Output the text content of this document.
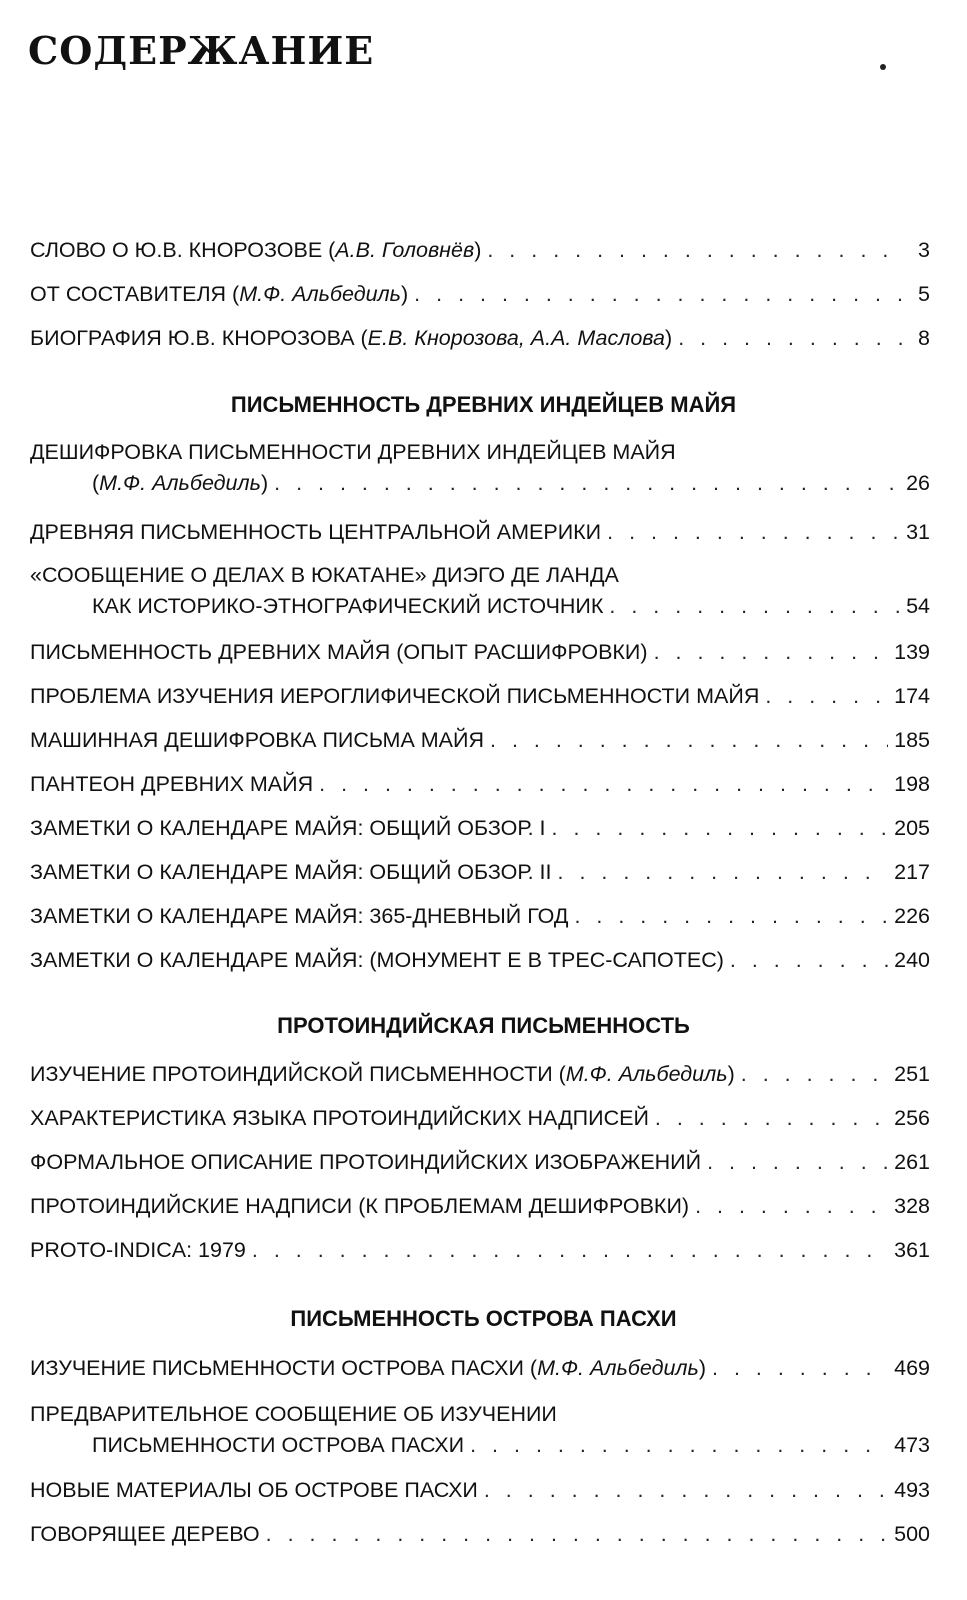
СОДЕРЖАНИЕ
СЛОВО О Ю.В. КНОРОЗОВЕ (А.В. Головнёв) . . .	3
ОТ СОСТАВИТЕЛЯ (М.Ф. Альбедиль) . . .	5
БИОГРАФИЯ Ю.В. КНОРОЗОВА (Е.В. Кнорозова, А.А. Маслова) . . .	8
ПИСЬМЕННОСТЬ ДРЕВНИХ ИНДЕЙЦЕВ МАЙЯ
ДЕШИФРОВКА ПИСЬМЕННОСТИ ДРЕВНИХ ИНДЕЙЦЕВ МАЙЯ
(М.Ф. Альбедиль) . . .	26
ДРЕВНЯЯ ПИСЬМЕННОСТЬ ЦЕНТРАЛЬНОЙ АМЕРИКИ . . .	31
«СООБЩЕНИЕ О ДЕЛАХ В ЮКАТАНЕ» ДИЭГО ДЕ ЛАНДА
КАК ИСТОРИКО-ЭТНОГРАФИЧЕСКИЙ ИСТОЧНИК . . .	54
ПИСЬМЕННОСТЬ ДРЕВНИХ МАЙЯ (ОПЫТ РАСШИФРОВКИ) . . .	139
ПРОБЛЕМА ИЗУЧЕНИЯ ИЕРОГЛИФИЧЕСКОЙ ПИСЬМЕННОСТИ МАЙЯ . . .	174
МАШИННАЯ ДЕШИФРОВКА ПИСЬМА МАЙЯ . . .	185
ПАНТЕОН ДРЕВНИХ МАЙЯ . . .	198
ЗАМЕТКИ О КАЛЕНДАРЕ МАЙЯ: ОБЩИЙ ОБЗОР. I . . .	205
ЗАМЕТКИ О КАЛЕНДАРЕ МАЙЯ: ОБЩИЙ ОБЗОР. II . . .	217
ЗАМЕТКИ О КАЛЕНДАРЕ МАЙЯ: 365-ДНЕВНЫЙ ГОД . . .	226
ЗАМЕТКИ О КАЛЕНДАРЕ МАЙЯ: (МОНУМЕНТ Е В ТРЕС-САПОТЕС) . . .	240
ПРОТОИНДИЙСКАЯ ПИСЬМЕННОСТЬ
ИЗУЧЕНИЕ ПРОТОИНДИЙСКОЙ ПИСЬМЕННОСТИ (М.Ф. Альбедиль) . . .	251
ХАРАКТЕРИСТИКА ЯЗЫКА ПРОТОИНДИЙСКИХ НАДПИСЕЙ . . .	256
ФОРМАЛЬНОЕ ОПИСАНИЕ ПРОТОИНДИЙСКИХ ИЗОБРАЖЕНИЙ . . .	261
ПРОТОИНДИЙСКИЕ НАДПИСИ (К ПРОБЛЕМАМ ДЕШИФРОВКИ) . . .	328
PROTO-INDICA: 1979 . . .	361
ПИСЬМЕННОСТЬ ОСТРОВА ПАСХИ
ИЗУЧЕНИЕ ПИСЬМЕННОСТИ ОСТРОВА ПАСХИ (М.Ф. Альбедиль) . . .	469
ПРЕДВАРИТЕЛЬНОЕ СООБЩЕНИЕ ОБ ИЗУЧЕНИИ
ПИСЬМЕННОСТИ ОСТРОВА ПАСХИ . . .	473
НОВЫЕ МАТЕРИАЛЫ ОБ ОСТРОВЕ ПАСХИ . . .	493
ГОВОРЯЩЕЕ ДЕРЕВО . . .	500
